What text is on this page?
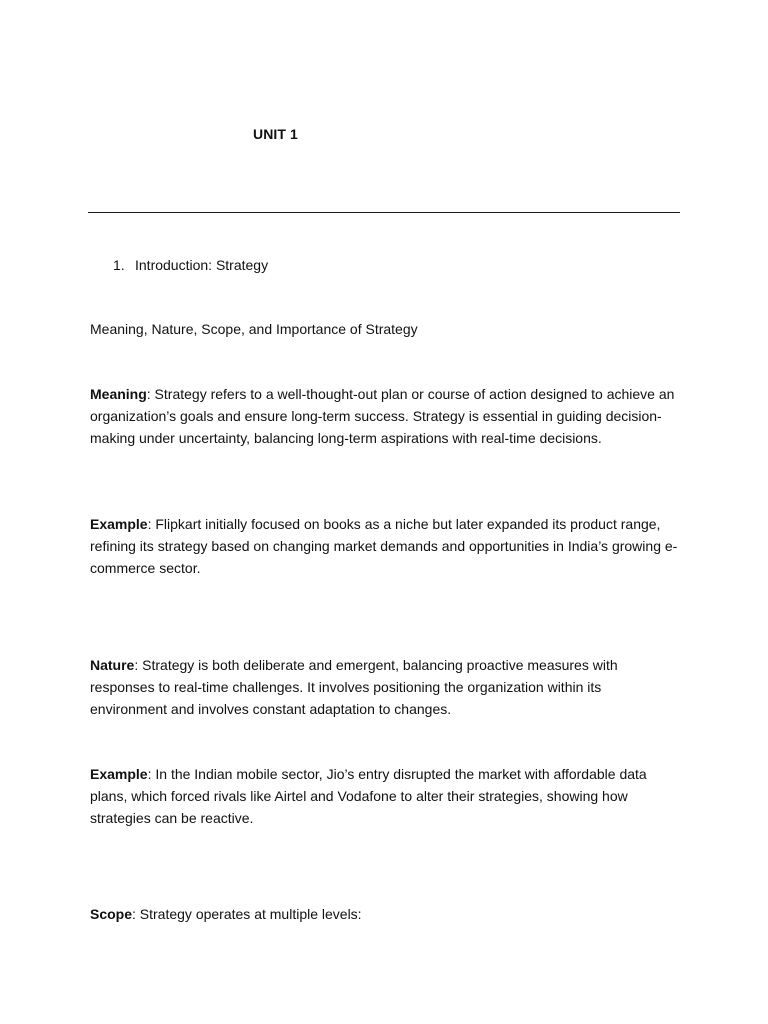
UNIT 1
1. Introduction: Strategy
Meaning, Nature, Scope, and Importance of Strategy

Meaning: Strategy refers to a well-thought-out plan or course of action designed to achieve an organization’s goals and ensure long-term success. Strategy is essential in guiding decision-making under uncertainty, balancing long-term aspirations with real-time decisions.

Example: Flipkart initially focused on books as a niche but later expanded its product range, refining its strategy based on changing market demands and opportunities in India’s growing e-commerce sector.

Nature: Strategy is both deliberate and emergent, balancing proactive measures with responses to real-time challenges. It involves positioning the organization within its environment and involves constant adaptation to changes.

Example: In the Indian mobile sector, Jio’s entry disrupted the market with affordable data plans, which forced rivals like Airtel and Vodafone to alter their strategies, showing how strategies can be reactive.

Scope: Strategy operates at multiple levels:
